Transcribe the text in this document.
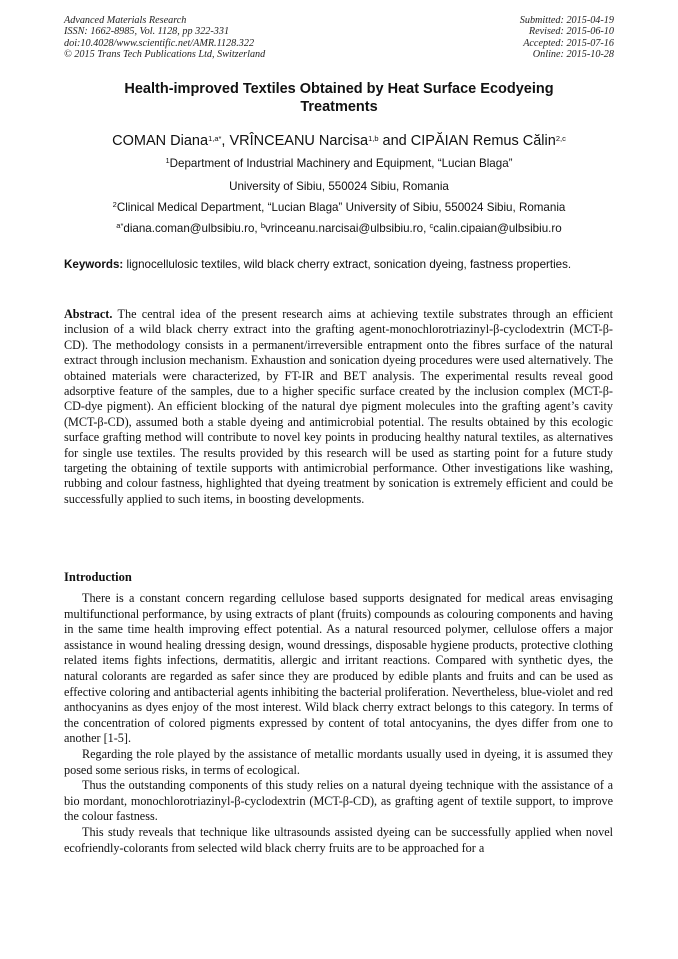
Advanced Materials Research
ISSN: 1662-8985, Vol. 1128, pp 322-331
doi:10.4028/www.scientific.net/AMR.1128.322
© 2015 Trans Tech Publications Ltd, Switzerland
Submitted: 2015-04-19
Revised: 2015-06-10
Accepted: 2015-07-16
Online: 2015-10-28
Health-improved Textiles Obtained by Heat Surface Ecodyeing
Treatments
COMAN Diana$^{1,a*}$, VRÎNCEANU Narcisa$^{1,b}$ and CIPĂIAN Remus Călin$^{2,c}$
$^1$Department of Industrial Machinery and Equipment, “Lucian Blaga”
University of Sibiu, 550024 Sibiu, Romania
$^2$Clinical Medical Department, “Lucian Blaga” University of Sibiu, 550024 Sibiu, Romania
$^{a*}$diana.coman@ulbsibiu.ro, $^b$vrinceanu.narcisai@ulbsibiu.ro, $^c$calin.cipaian@ulbsibiu.ro
Keywords: lignocellulosic textiles, wild black cherry extract, sonication dyeing, fastness properties.

Abstract. The central idea of the present research aims at achieving textile substrates through an efficient inclusion of a wild black cherry extract into the grafting agent-monochlorotriazinyl-β-cyclodextrin (MCT-β-CD). The methodology consists in a permanent/irreversible entrapment onto the fibres surface of the natural extract through inclusion mechanism. Exhaustion and sonication dyeing procedures were used alternatively. The obtained materials were characterized, by FT-IR and BET analysis. The experimental results reveal good adsorptive feature of the samples, due to a higher specific surface created by the inclusion complex (MCT-β-CD-dye pigment). An efficient blocking of the natural dye pigment molecules into the grafting agent’s cavity (MCT-β-CD), assumed both a stable dyeing and antimicrobial potential. The results obtained by this ecologic surface grafting method will contribute to novel key points in producing healthy natural textiles, as alternatives for single use textiles. The results provided by this research will be used as starting point for a future study targeting the obtaining of textile supports with antimicrobial performance. Other investigations like washing, rubbing and colour fastness, highlighted that dyeing treatment by sonication is extremely efficient and could be successfully applied to such items, in boosting developments.

Introduction

There is a constant concern regarding cellulose based supports designated for medical areas envisaging multifunctional performance, by using extracts of plant (fruits) compounds as colouring components and having in the same time health improving effect potential. As a natural resourced polymer, cellulose offers a major assistance in wound healing dressing design, wound dressings, disposable hygiene products, protective clothing related items fights infections, dermatitis, allergic and irritant reactions. Compared with synthetic dyes, the natural colorants are regarded as safer since they are produced by edible plants and fruits and can be used as effective coloring and antibacterial agents inhibiting the bacterial proliferation. Nevertheless, blue-violet and red anthocyanins as dyes enjoy of the most interest. Wild black cherry extract belongs to this category. In terms of the concentration of colored pigments expressed by content of total antocyanins, the dyes differ from one to another [1-5].

Regarding the role played by the assistance of metallic mordants usually used in dyeing, it is assumed they posed some serious risks, in terms of ecological.

Thus the outstanding components of this study relies on a natural dyeing technique with the assistance of a bio mordant, monochlorotriazinyl-β-cyclodextrin (MCT-β-CD), as grafting agent of textile support, to improve the colour fastness.

This study reveals that technique like ultrasounds assisted dyeing can be successfully applied when novel ecofriendly-colorants from selected wild black cherry fruits are to be approached for a
